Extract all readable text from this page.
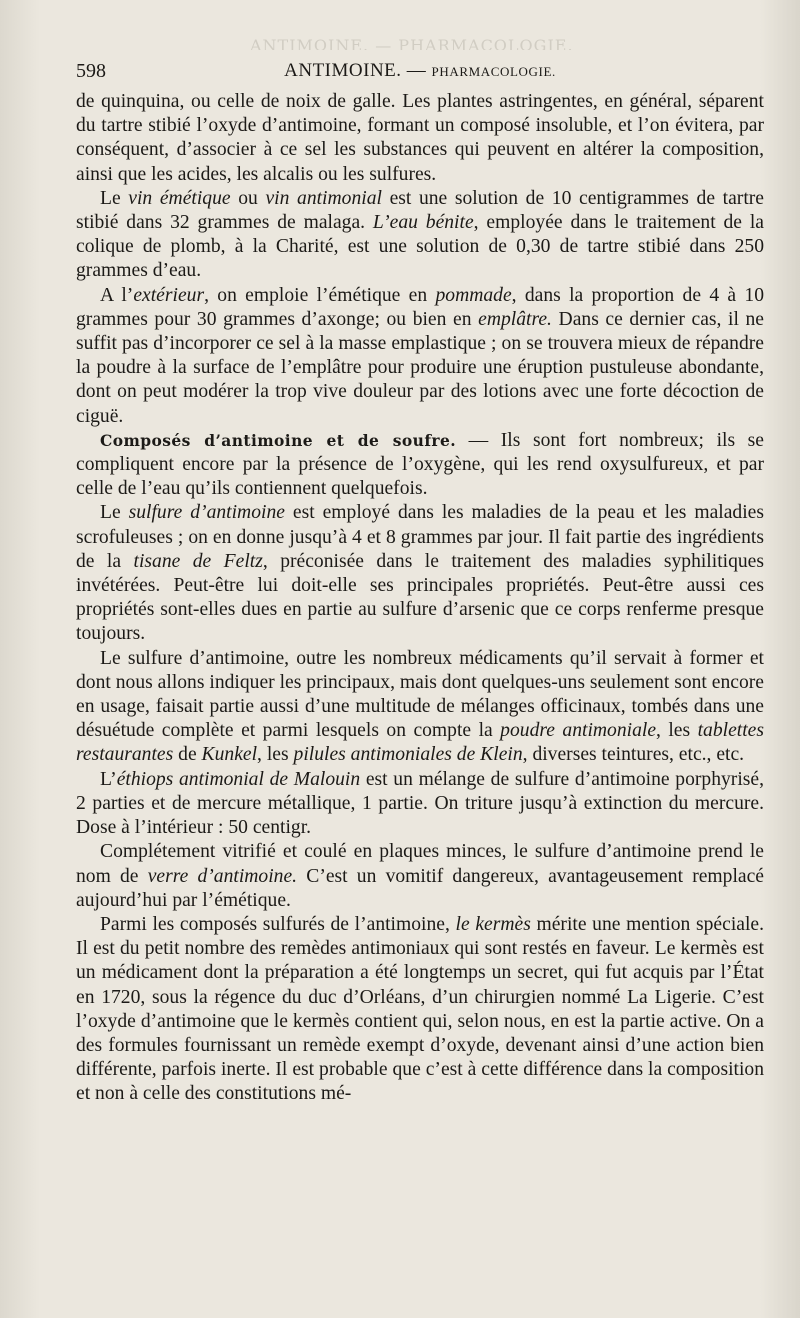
ANTIMOINE. — PHARMACOLOGIE.
598	ANTIMOINE. — PHARMACOLOGIE.

de quinquina, ou celle de noix de galle. Les plantes astringentes, en général, séparent du tartre stibié l’oxyde d’antimoine, formant un composé insoluble, et l’on évitera, par conséquent, d’associer à ce sel les substances qui peuvent en altérer la composition, ainsi que les acides, les alcalis ou les sulfures.

Le vin émétique ou vin antimonial est une solution de 10 centigrammes de tartre stibié dans 32 grammes de malaga. L’eau bénite, employée dans le traitement de la colique de plomb, à la Charité, est une solution de 0,30 de tartre stibié dans 250 grammes d’eau.

A l’extérieur, on emploie l’émétique en pommade, dans la proportion de 4 à 10 grammes pour 30 grammes d’axonge; ou bien en emplâtre. Dans ce dernier cas, il ne suffit pas d’incorporer ce sel à la masse emplastique ; on se trouvera mieux de répandre la poudre à la surface de l’emplâtre pour produire une éruption pustuleuse abondante, dont on peut modérer la trop vive douleur par des lotions avec une forte décoction de ciguë.

Composés d’antimoine et de soufre. — Ils sont fort nombreux; ils se compliquent encore par la présence de l’oxygène, qui les rend oxysulfureux, et par celle de l’eau qu’ils contiennent quelquefois.

Le sulfure d’antimoine est employé dans les maladies de la peau et les maladies scrofuleuses ; on en donne jusqu’à 4 et 8 grammes par jour. Il fait partie des ingrédients de la tisane de Feltz, préconisée dans le traitement des maladies syphilitiques invétérées. Peut-être lui doit-elle ses principales propriétés. Peut-être aussi ces propriétés sont-elles dues en partie au sulfure d’arsenic que ce corps renferme presque toujours.

Le sulfure d’antimoine, outre les nombreux médicaments qu’il servait à former et dont nous allons indiquer les principaux, mais dont quelques-uns seulement sont encore en usage, faisait partie aussi d’une multitude de mélanges officinaux, tombés dans une désuétude complète et parmi lesquels on compte la poudre antimoniale, les tablettes restaurantes de Kunkel, les pilules antimoniales de Klein, diverses teintures, etc., etc.

L’éthiops antimonial de Malouin est un mélange de sulfure d’antimoine porphyrisé, 2 parties et de mercure métallique, 1 partie. On triture jusqu’à extinction du mercure. Dose à l’intérieur : 50 centigr.

Complétement vitrifié et coulé en plaques minces, le sulfure d’antimoine prend le nom de verre d’antimoine. C’est un vomitif dangereux, avantageusement remplacé aujourd’hui par l’émétique.

Parmi les composés sulfurés de l’antimoine, le kermès mérite une mention spéciale. Il est du petit nombre des remèdes antimoniaux qui sont restés en faveur. Le kermès est un médicament dont la préparation a été longtemps un secret, qui fut acquis par l’État en 1720, sous la régence du duc d’Orléans, d’un chirurgien nommé La Ligerie. C’est l’oxyde d’antimoine que le kermès contient qui, selon nous, en est la partie active. On a des formules fournissant un remède exempt d’oxyde, devenant ainsi d’une action bien différente, parfois inerte. Il est probable que c’est à cette différence dans la composition et non à celle des constitutions mé-
